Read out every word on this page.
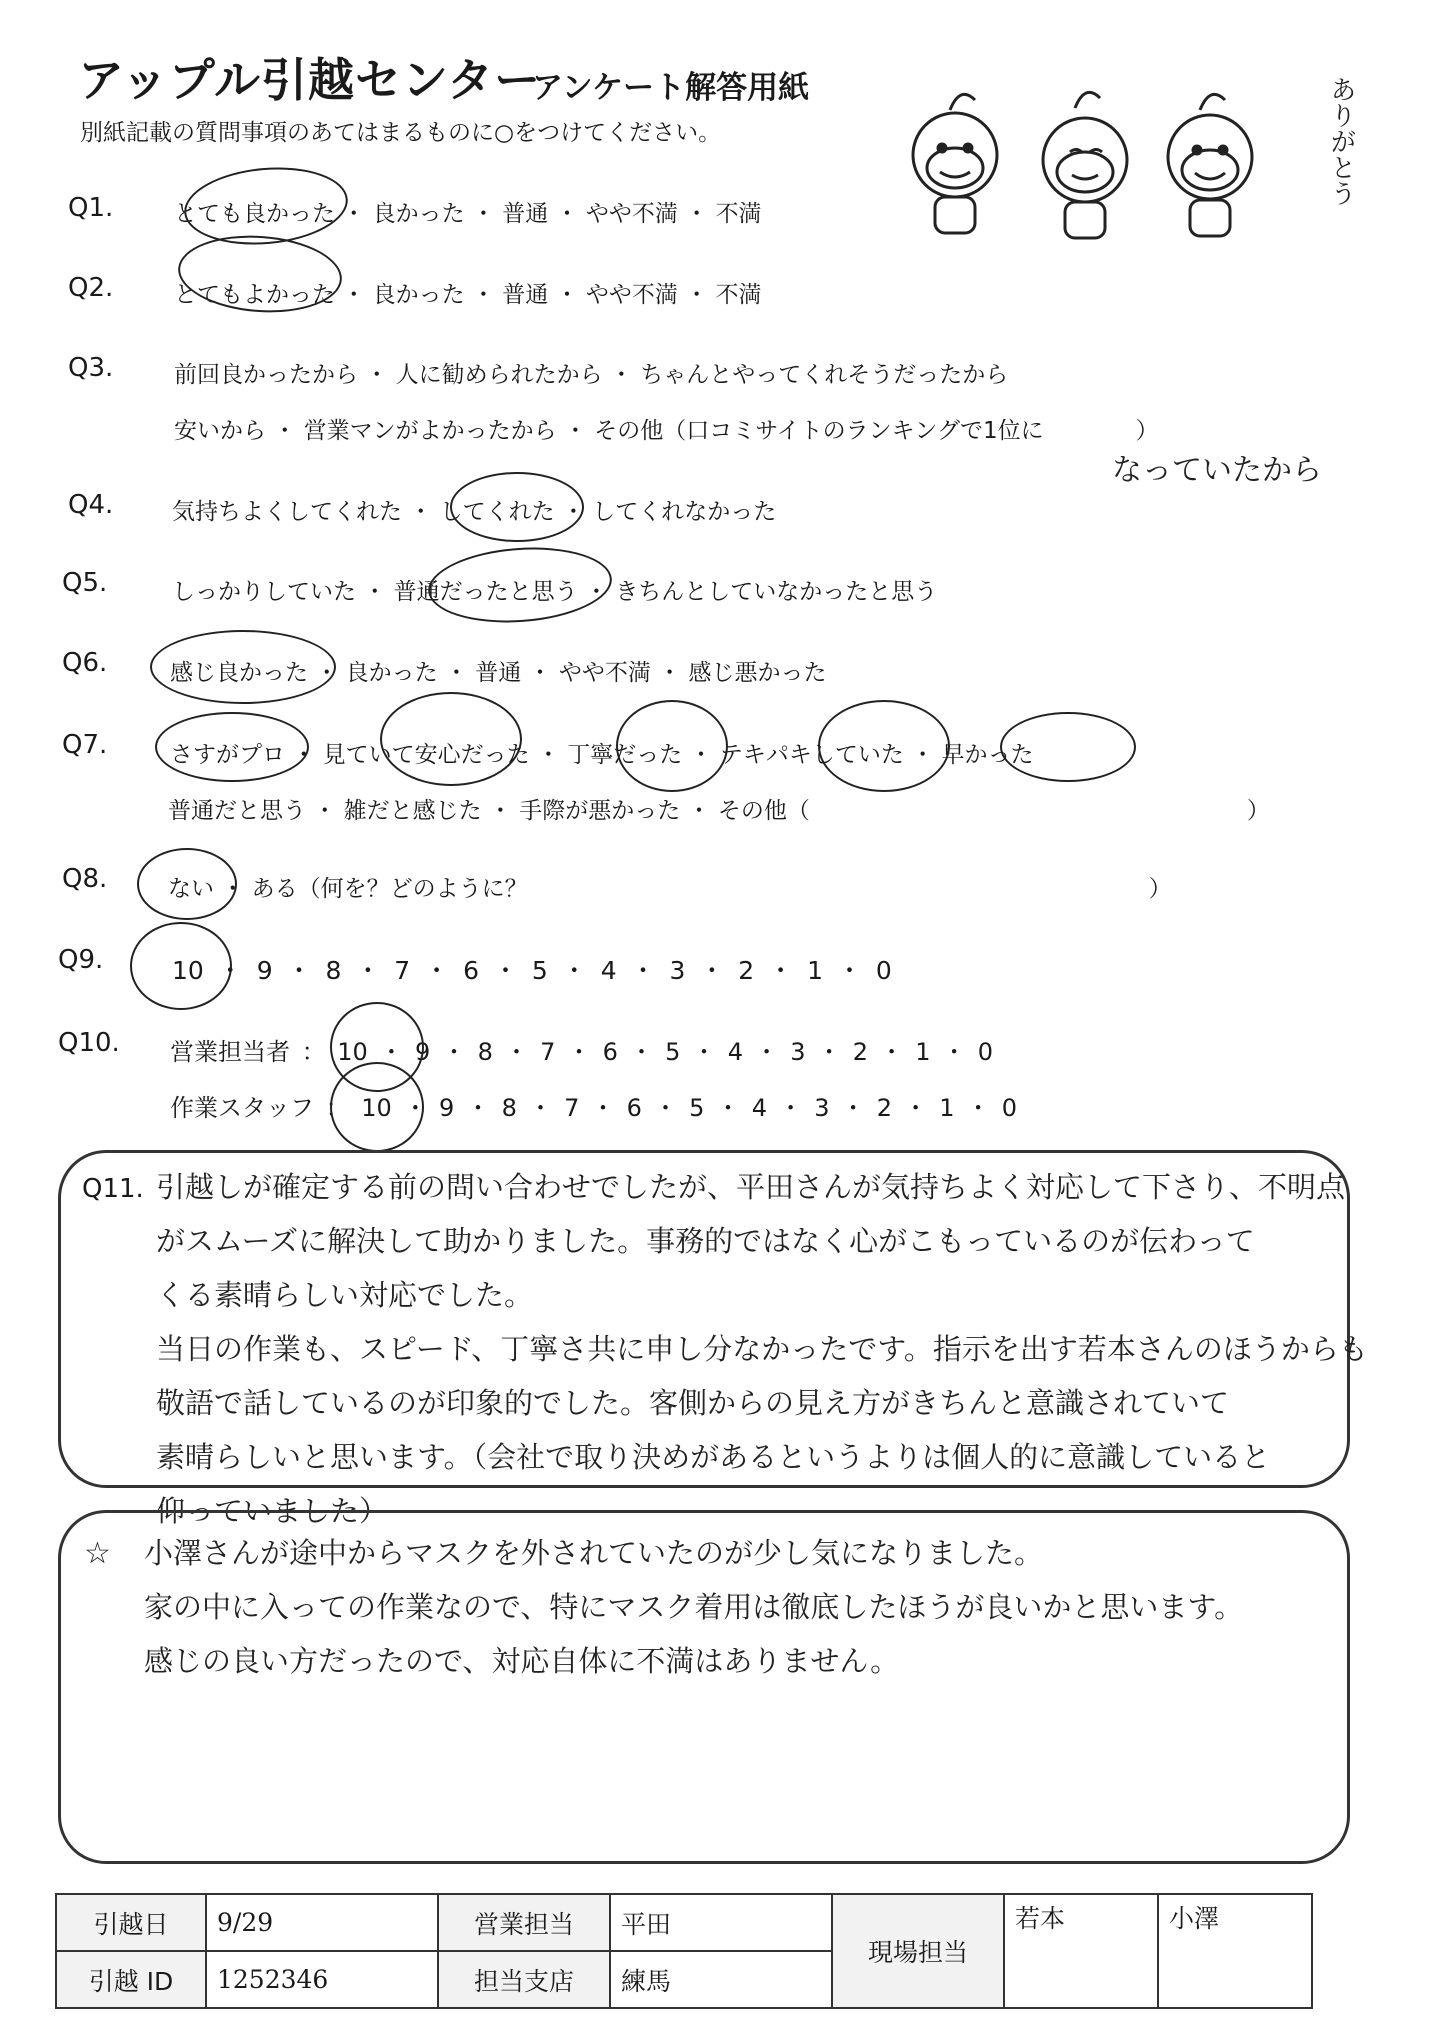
アップル引越センター
アンケート解答用紙
別紙記載の質問事項のあてはまるものに○をつけてください。	ありがとう
Q1.	とても良かった ・ 良かった ・ 普通 ・ やや不満 ・ 不満
Q2.	とてもよかった ・ 良かった ・ 普通 ・ やや不満 ・ 不満
Q3.	前回良かったから ・ 人に勧められたから ・ ちゃんとやってくれそうだったから
安いから ・ 営業マンがよかったから ・ その他（口コミサイトのランキングで1位に　　　　）
なっていたから
Q4.	気持ちよくしてくれた ・ してくれた ・ してくれなかった
Q5.	しっかりしていた ・ 普通だったと思う ・ きちんとしていなかったと思う
Q6.	感じ良かった ・ 良かった ・ 普通 ・ やや不満 ・ 感じ悪かった
Q7.	さすがプロ ・ 見ていて安心だった ・ 丁寧だった ・ テキパキしていた ・ 早かった
普通だと思う ・ 雑だと感じた ・ 手際が悪かった ・ その他（　　　　　　　　　　　　　　　　　　　）
Q8.	ない ・ ある（何を？どのように？　　　　　　　　　　　　　　　　　　　　　　　　　　　）
Q9.	10 ・ 9 ・ 8 ・ 7 ・ 6 ・ 5 ・ 4 ・ 3 ・ 2 ・ 1 ・ 0
Q10. 営業担当者 ： 10 ・ 9 ・ 8 ・ 7 ・ 6 ・ 5 ・ 4 ・ 3 ・ 2 ・ 1 ・ 0
作業スタッフ ： 10 ・ 9 ・ 8 ・ 7 ・ 6 ・ 5 ・ 4 ・ 3 ・ 2 ・ 1 ・ 0
Q11. 引越しが確定する前の問い合わせでしたが、平田さんが気持ちよく対応して下さり、不明点
がスムーズに解決して助かりました。事務的ではなく心がこもっているのが伝わって
くる素晴らしい対応でした。
当日の作業も、スピード、丁寧さ共に申し分なかったです。指示を出す若本さんのほうからも
敬語で話しているのが印象的でした。客側からの見え方がきちんと意識されていて
素晴らしいと思います。（会社で取り決めがあるというよりは個人的に意識していると
仰っていました）
☆ 小澤さんが途中からマスクを外されていたのが少し気になりました。
家の中に入っての作業なので、特にマスク着用は徹底したほうが良いかと思います。
感じの良い方だったので、対応自体に不満はありません。
引越日	9/29	営業担当	平田	現場担当	若本	小澤
引越 ID	1252346	担当支店	練馬			
